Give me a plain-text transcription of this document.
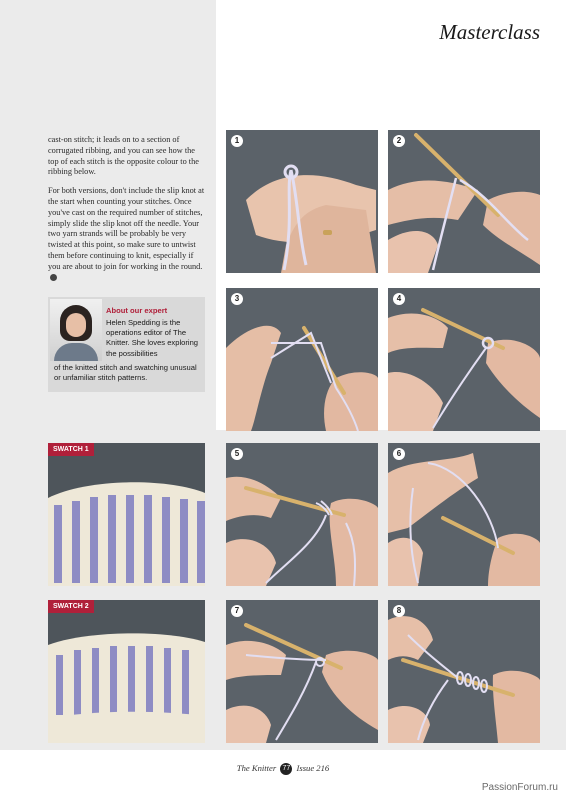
Masterclass

cast-on stitch; it leads on to a section of corrugated ribbing, and you can see how the top of each stitch is the opposite colour to the ribbing below.

For both versions, don't include the slip knot at the start when counting your stitches. Once you've cast on the required number of stitches, simply slide the slip knot off the needle. Your two yarn strands will be probably be very twisted at this point, so make sure to untwist them before continuing to knit, especially if you are about to join for working in the round.

About our expert
Helen Spedding is the operations editor of The Knitter. She loves exploring the possibilities
of the knitted stitch and swatching unusual or unfamiliar stitch patterns.
1	2
3	4
SWATCH 1
SWATCH 2
5	6
7	8
The Knitter 77 Issue 216
PassionForum.ru
